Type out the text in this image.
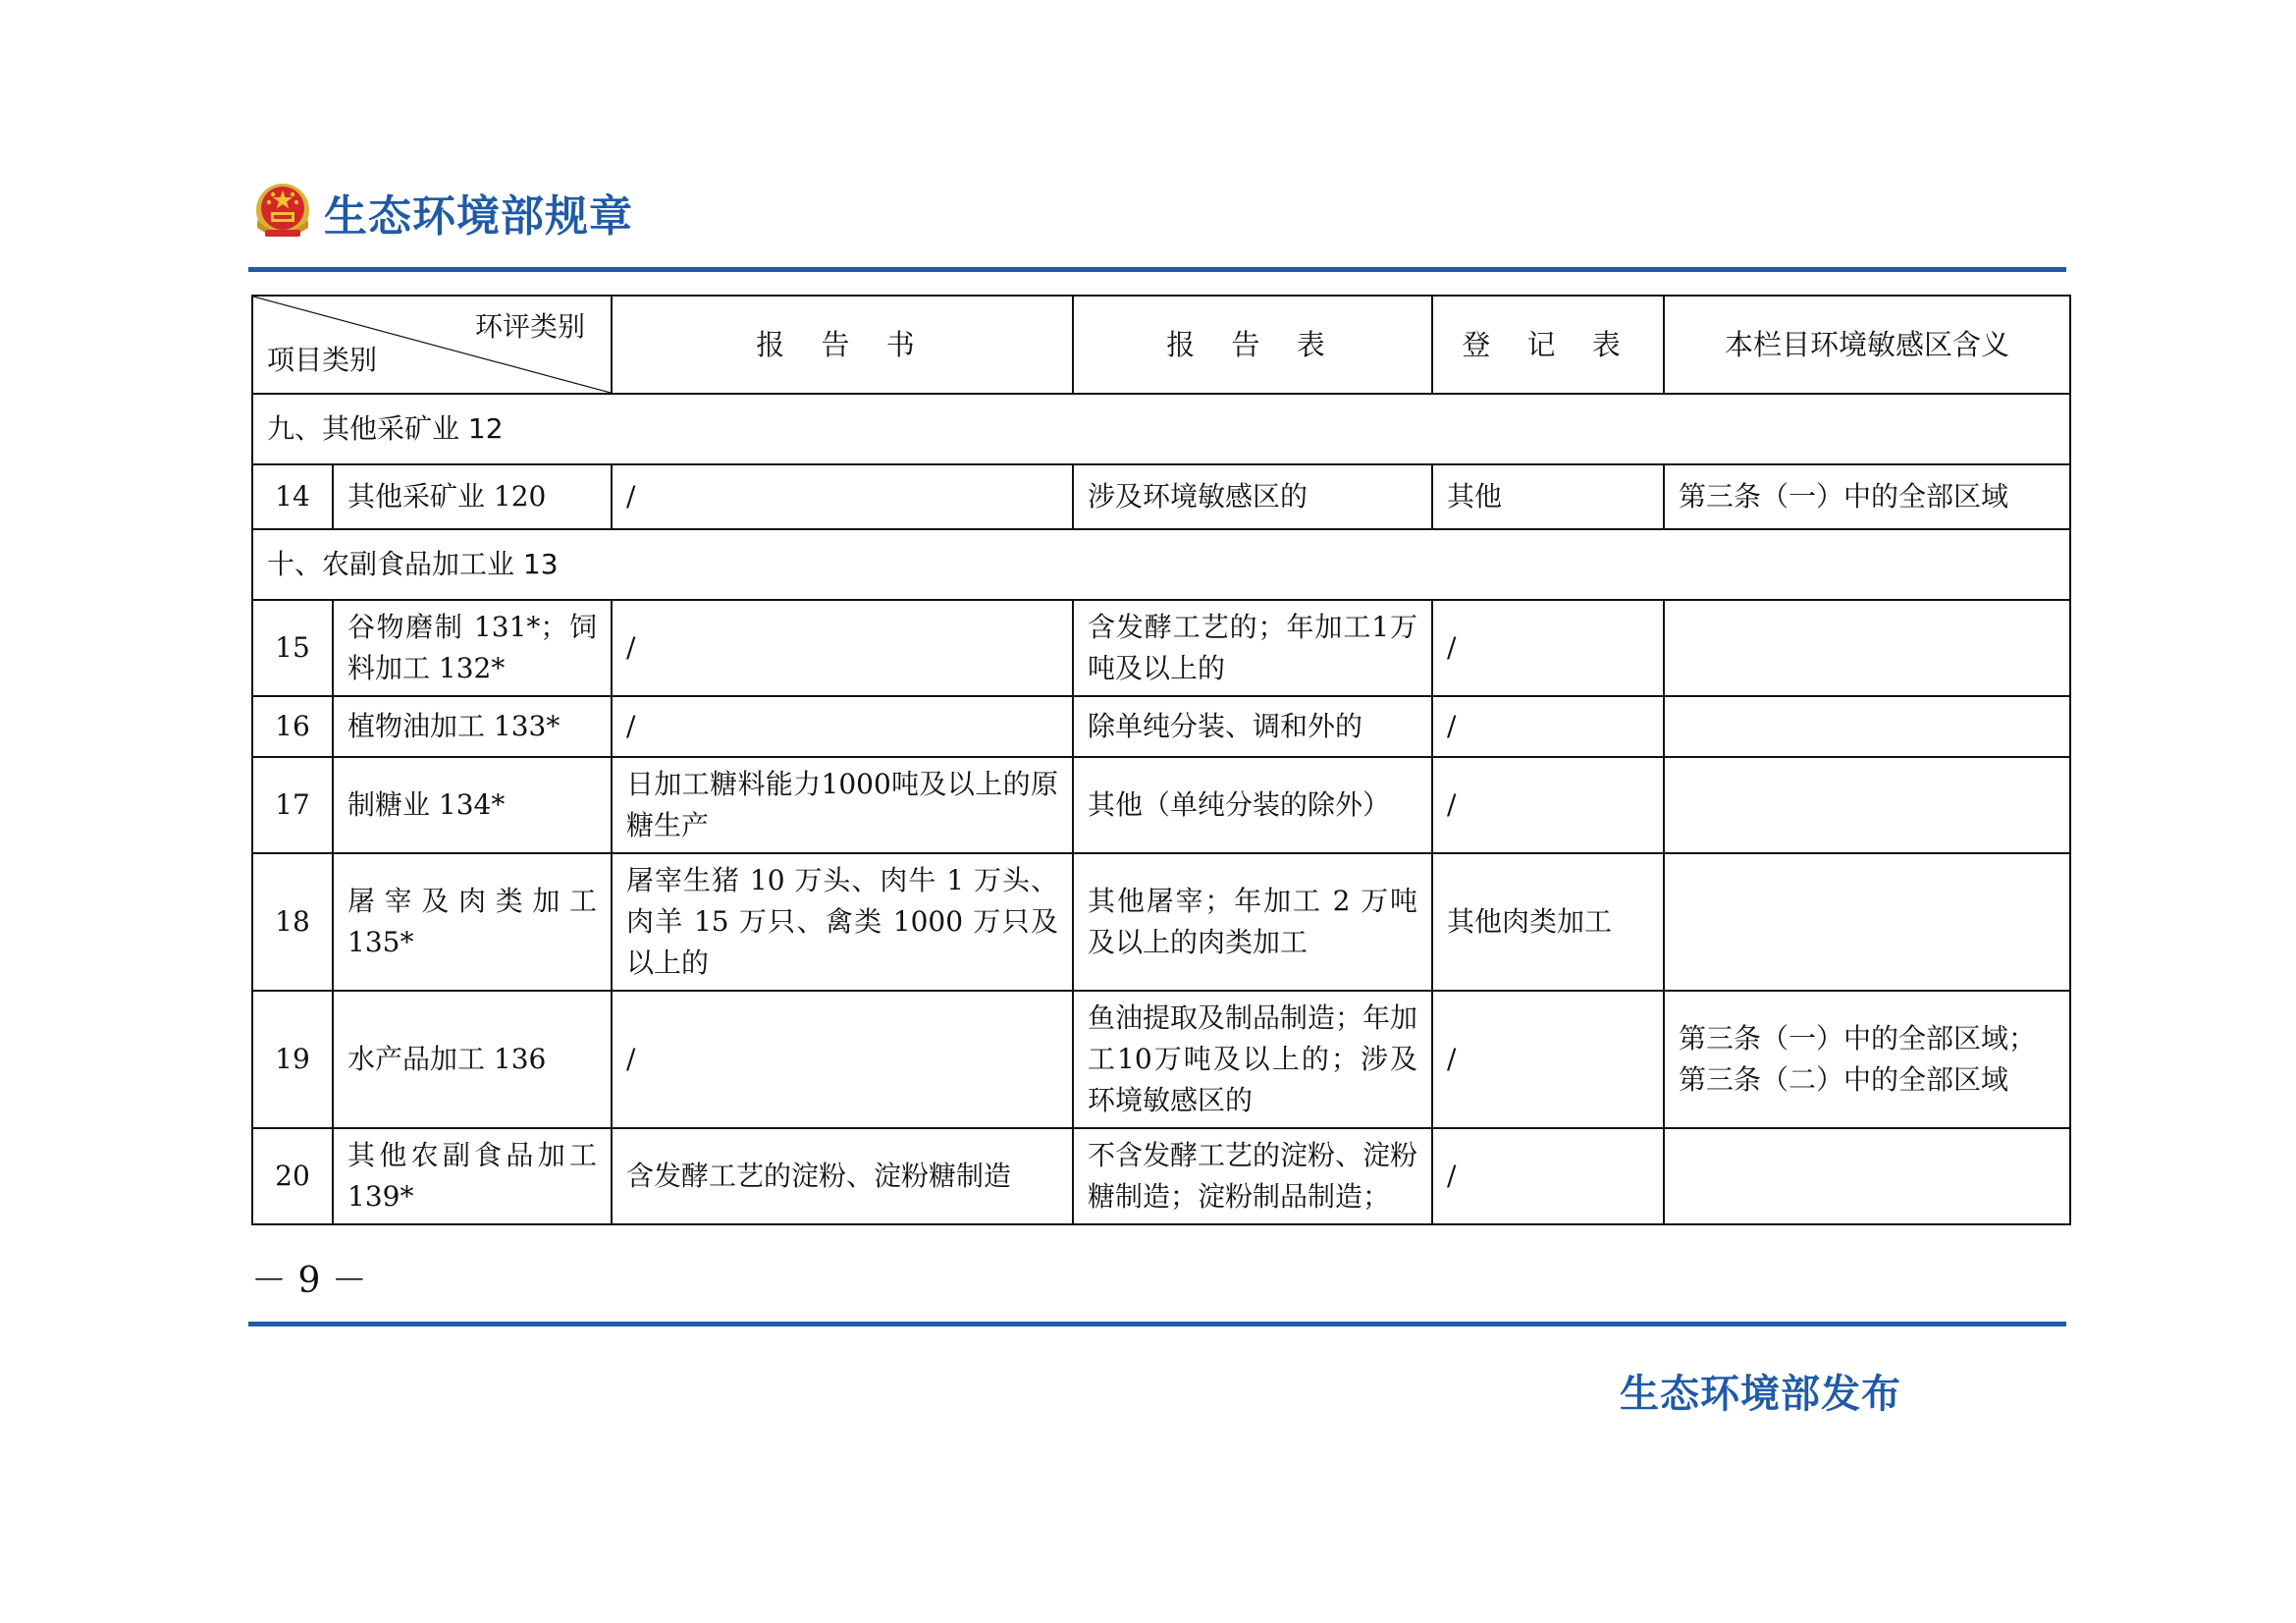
生态环境部规章
环评类别
项目类别		报 告 书	报 告 表	登 记 表	本栏目环境敏感区含义
九、其他采矿业 12					
14	其他采矿业 120	/	涉及环境敏感区的	其他	第三条（一）中的全部区域
十、农副食品加工业 13					
15	谷物磨制 131*；饲料加工 132*	/	含发酵工艺的；年加工1万吨及以上的	/	
16	植物油加工 133*	/	除单纯分装、调和外的	/	
17	制糖业 134*	日加工糖料能力1000吨及以上的原糖生产	其他（单纯分装的除外）	/	
18	屠宰及肉类加工 135*	屠宰生猪 10 万头、肉牛 1 万头、肉羊 15 万只、禽类 1000 万只及以上的	其他屠宰；年加工 2 万吨及以上的肉类加工	其他肉类加工	
19	水产品加工 136	/	鱼油提取及制品制造；年加工10万吨及以上的；涉及环境敏感区的	/	第三条（一）中的全部区域；第三条（二）中的全部区域
20	其他农副食品加工 139*	含发酵工艺的淀粉、淀粉糖制造	不含发酵工艺的淀粉、淀粉糖制造；淀粉制品制造；	/	
－ 9 －
生态环境部发布
